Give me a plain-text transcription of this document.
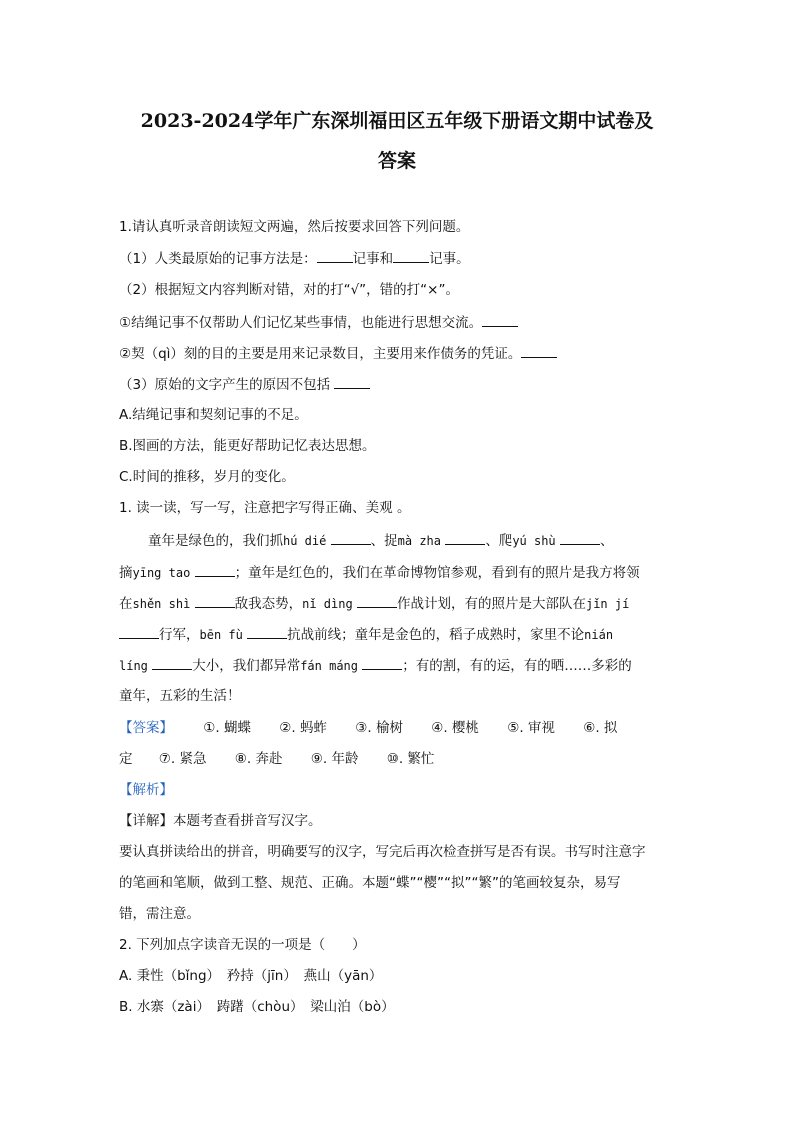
2023-2024学年广东深圳福田区五年级下册语文期中试卷及
答案
1.请认真听录音朗读短文两遍，然后按要求回答下列问题。
（1）人类最原始的记事方法是：	记事和	记事。
（2）根据短文内容判断对错，对的打“√”，错的打“×”。
①结绳记事不仅帮助人们记忆某些事情，也能进行思想交流。
②契（qì）刻的目的主要是用来记录数目，主要用来作债务的凭证。
（3）原始的文字产生的原因不包括
A.结绳记事和契刻记事的不足。
B.图画的方法，能更好帮助记忆表达思想。
C.时间的推移，岁月的变化。
1. 读一读，写一写，注意把字写得正确、美观 。
童年是绿色的，我们抓hú dié	、捉mà zha	、爬yú shù	、
摘yīng tao	；童年是红色的，我们在革命博物馆参观，看到有的照片是我方将领
在shěn shì	敌我态势，nǐ dìng	作战计划，有的照片是大部队在jǐn jí
行军，bēn fù	抗战前线；童年是金色的，稻子成熟时，家里不论nián
líng	大小，我们都异常fán máng	；有的割，有的运，有的晒……多彩的
童年，五彩的生活！
【答案】 ①. 蝴蝶 ②. 蚂蚱 ③. 榆树 ④. 樱桃 ⑤. 审视 ⑥. 拟
定 ⑦. 紧急 ⑧. 奔赴 ⑨. 年龄 ⑩. 繁忙
【解析】
【详解】本题考查看拼音写汉字。
要认真拼读给出的拼音，明确要写的汉字，写完后再次检查拼写是否有误。书写时注意字
的笔画和笔顺，做到工整、规范、正确。本题“蝶”“樱”“拟”“繁”的笔画较复杂，易写
错，需注意。
2. 下列加点字读音无误的一项是（　　）
A. 秉性（bǐng）　矜持（jīn）　燕山（yān）
B. 水寨（zài）　踌躇（chòu）　梁山泊（bò）
